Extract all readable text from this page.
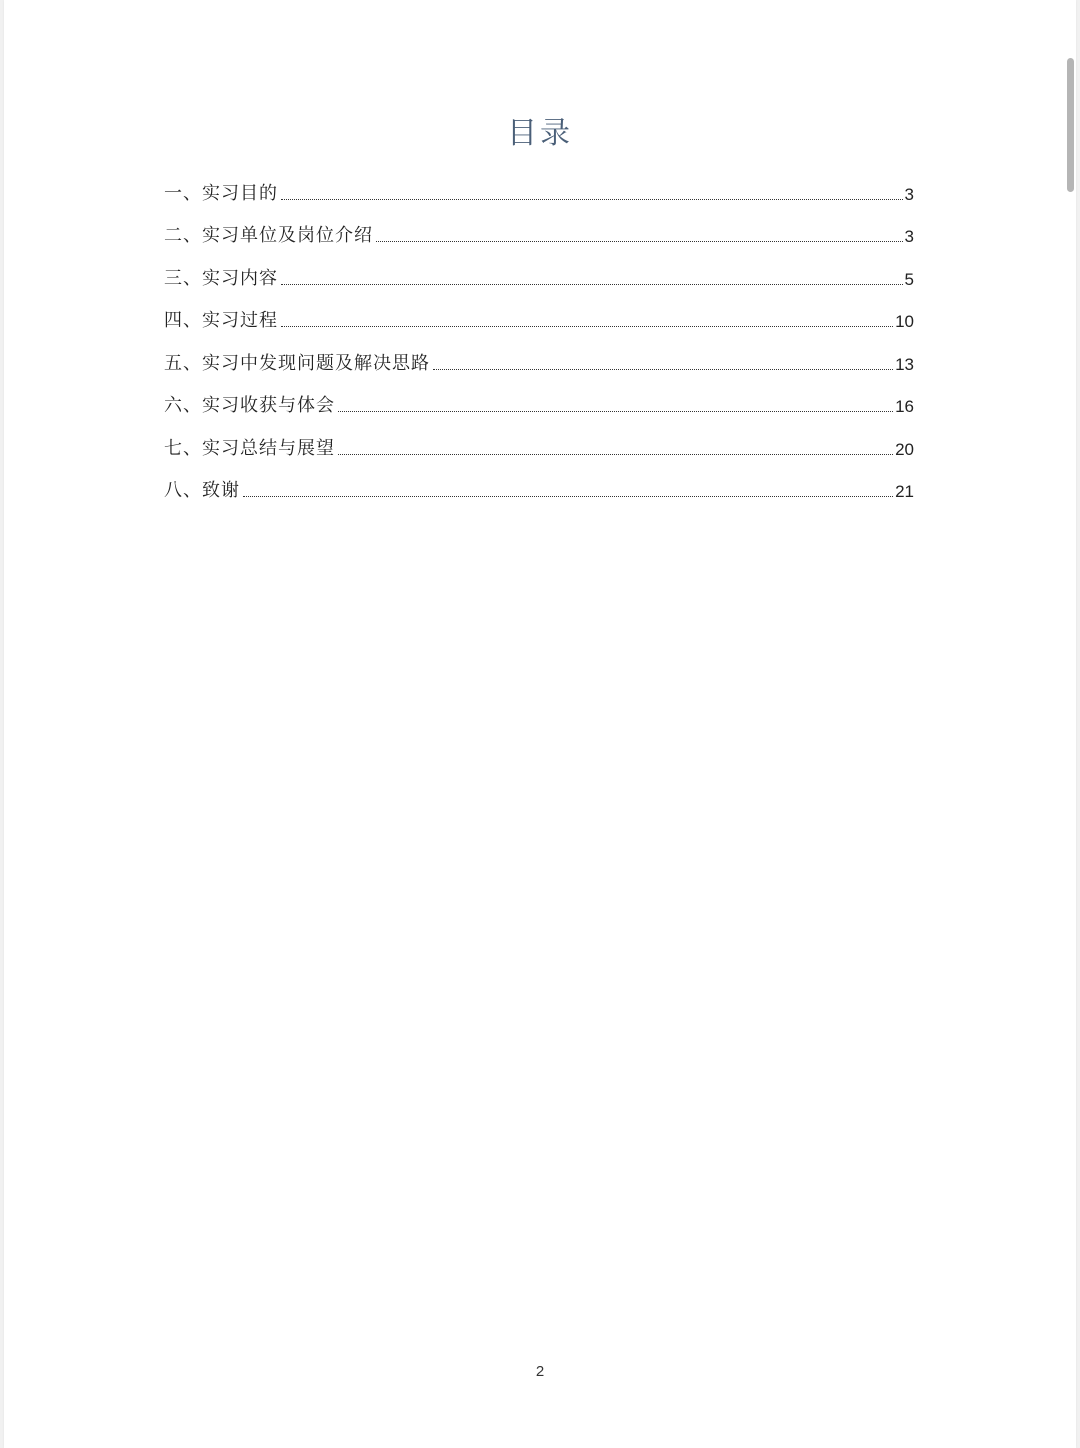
目录
一、实习目的	3
二、实习单位及岗位介绍	3
三、实习内容	5
四、实习过程	10
五、实习中发现问题及解决思路	13
六、实习收获与体会	16
七、实习总结与展望	20
八、致谢	21
2
